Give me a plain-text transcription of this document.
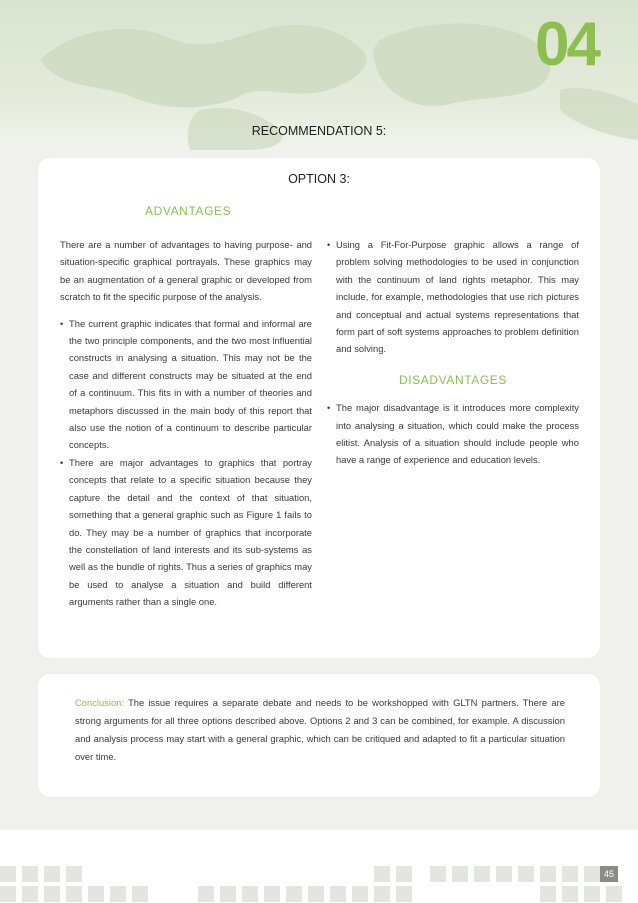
04
RECOMMENDATION 5:
OPTION 3:
ADVANTAGES

There are a number of advantages to having purpose- and situation-specific graphical portrayals. These graphics may be an augmentation of a general graphic or developed from scratch to fit the specific purpose of the analysis.

• The current graphic indicates that formal and informal are the two principle components, and the two most influential constructs in analysing a situation. This may not be the case and different constructs may be situated at the end of a continuum. This fits in with a number of theories and metaphors discussed in the main body of this report that also use the notion of a continuum to describe particular concepts.
• There are major advantages to graphics that portray concepts that relate to a specific situation because they capture the detail and the context of that situation, something that a general graphic such as Figure 1 fails to do. They may be a number of graphics that incorporate the constellation of land interests and its sub-systems as well as the bundle of rights. Thus a series of graphics may be used to analyse a situation and build different arguments rather than a single one.
• Using a Fit-For-Purpose graphic allows a range of problem solving methodologies to be used in conjunction with the continuum of land rights metaphor. This may include, for example, methodologies that use rich pictures and conceptual and actual systems representations that form part of soft systems approaches to problem definition and solving.
DISADVANTAGES
• The major disadvantage is it introduces more complexity into analysing a situation, which could make the process elitist. Analysis of a situation should include people who have a range of experience and education levels.
Conclusion: The issue requires a separate debate and needs to be workshopped with GLTN partners. There are strong arguments for all three options described above. Options 2 and 3 can be combined, for example. A discussion and analysis process may start with a general graphic, which can be critiqued and adapted to fit a particular situation over time.
45
